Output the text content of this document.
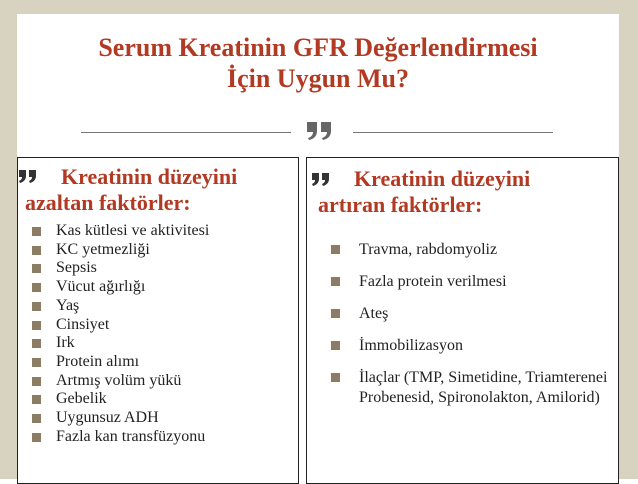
Serum Kreatinin GFR Değerlendirmesi
İçin Uygun Mu?
Kreatinin düzeyini
azaltan faktörler:
Kas kütlesi ve aktivitesi
KC yetmezliği
Sepsis
Vücut ağırlığı
Yaş
Cinsiyet
Irk
Protein alımı
Artmış volüm yükü
Gebelik
Uygunsuz ADH
Fazla kan transfüzyonu
Kreatinin düzeyini
artıran faktörler:
Travma, rabdomyoliz
Fazla protein verilmesi
Ateş
İmmobilizasyon
İlaçlar (TMP, Simetidine, Triamterenei Probenesid, Spironolakton, Amilorid)
